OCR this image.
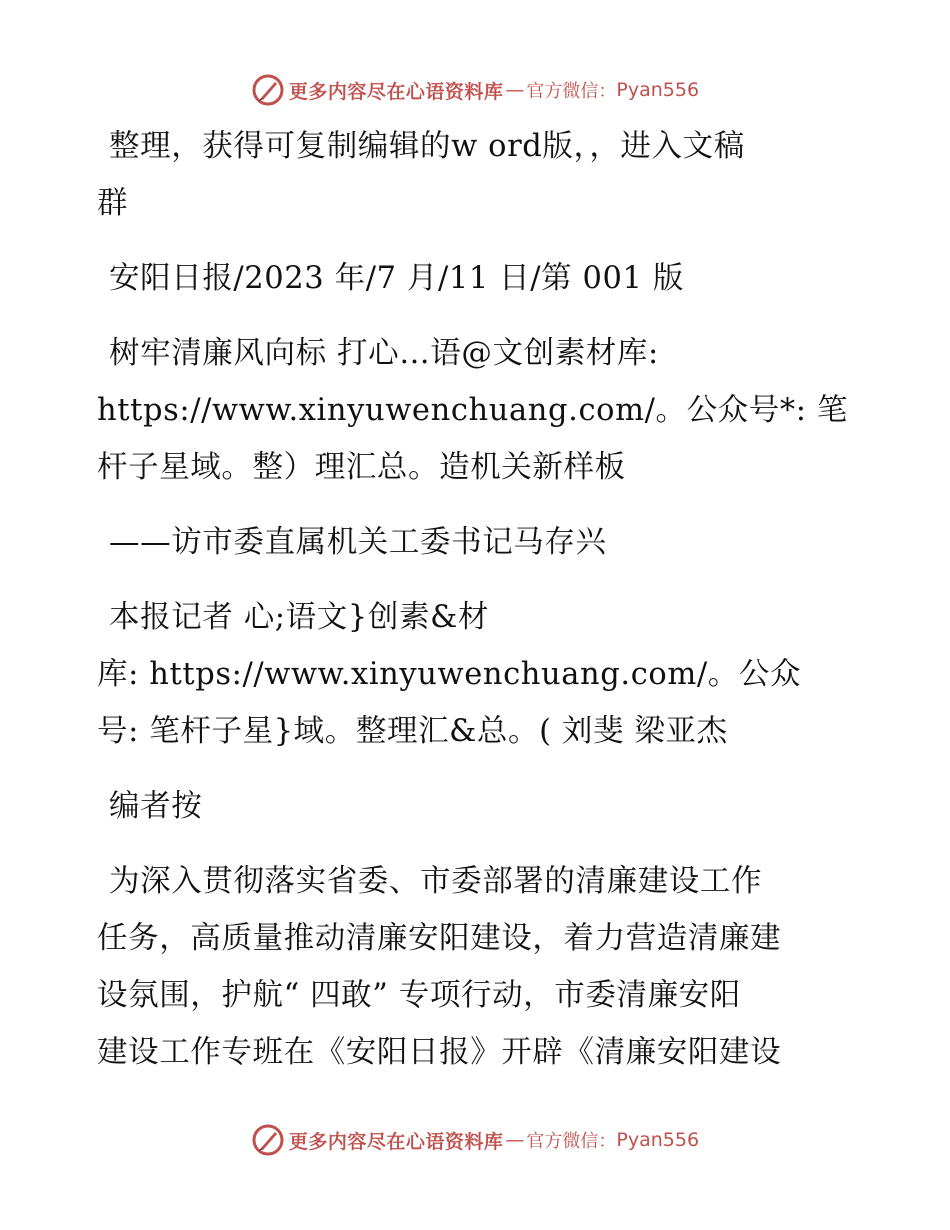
更多内容尽在心语资料库 — 官方微信： Pyan556

整理，获得可复制编辑的w ord版，，进入文稿

群

安阳日报/2023 年/7 月/11 日/第 001 版

树牢清廉风向标 打心…语@文创素材库:

https://www.xinyuwenchuang.com/。公众号*: 笔

杆子星域。整）理汇总。造机关新样板

——访市委直属机关工委书记马存兴

本报记者 心;语文}创素&材

库: https://www.xinyuwenchuang.com/。公众

号: 笔杆子星}域。整理汇&总。( 刘斐 梁亚杰

编者按

为深入贯彻落实省委、市委部署的清廉建设工作

任务，高质量推动清廉安阳建设，着力营造清廉建

设氛围，护航“ 四敢” 专项行动，市委清廉安阳

建设工作专班在《安阳日报》开辟《清廉安阳建设

更多内容尽在心语资料库 — 官方微信： Pyan556
